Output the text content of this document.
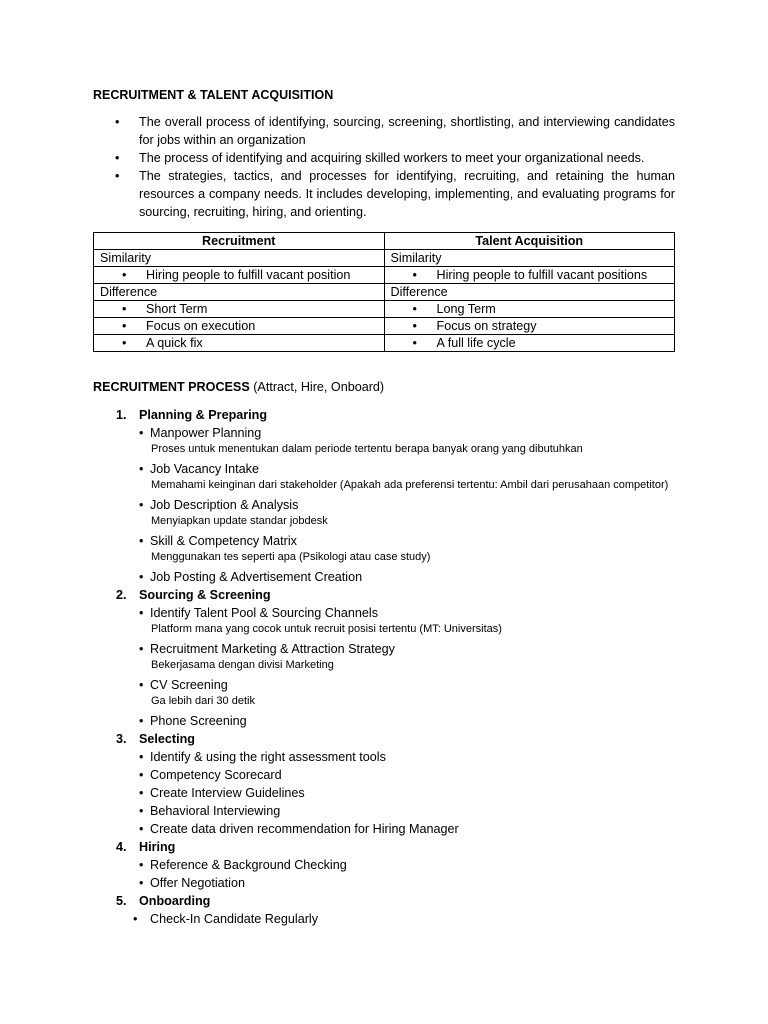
RECRUITMENT & TALENT ACQUISITION
• The overall process of identifying, sourcing, screening, shortlisting, and interviewing candidates for jobs within an organization
• The process of identifying and acquiring skilled workers to meet your organizational needs.
• The strategies, tactics, and processes for identifying, recruiting, and retaining the human resources a company needs. It includes developing, implementing, and evaluating programs for sourcing, recruiting, hiring, and orienting.
Recruitment	Talent Acquisition
Similarity	Similarity
• Hiring people to fulfill vacant position	• Hiring people to fulfill vacant positions
Difference	Difference
• Short Term	• Long Term
• Focus on execution	• Focus on strategy
• A quick fix	• A full life cycle
RECRUITMENT PROCESS (Attract, Hire, Onboard)
1. Planning & Preparing
• Manpower Planning
Proses untuk menentukan dalam periode tertentu berapa banyak orang yang dibutuhkan
• Job Vacancy Intake
Memahami keinginan dari stakeholder (Apakah ada preferensi tertentu: Ambil dari perusahaan competitor)
• Job Description & Analysis
Menyiapkan update standar jobdesk
• Skill & Competency Matrix
Menggunakan tes seperti apa (Psikologi atau case study)
• Job Posting & Advertisement Creation
2. Sourcing & Screening
• Identify Talent Pool & Sourcing Channels
Platform mana yang cocok untuk recruit posisi tertentu (MT: Universitas)
• Recruitment Marketing & Attraction Strategy
Bekerjasama dengan divisi Marketing
• CV Screening
Ga lebih dari 30 detik
• Phone Screening
3. Selecting
• Identify & using the right assessment tools
• Competency Scorecard
• Create Interview Guidelines
• Behavioral Interviewing
• Create data driven recommendation for Hiring Manager
4. Hiring
• Reference & Background Checking
• Offer Negotiation
5. Onboarding
• Check-In Candidate Regularly
